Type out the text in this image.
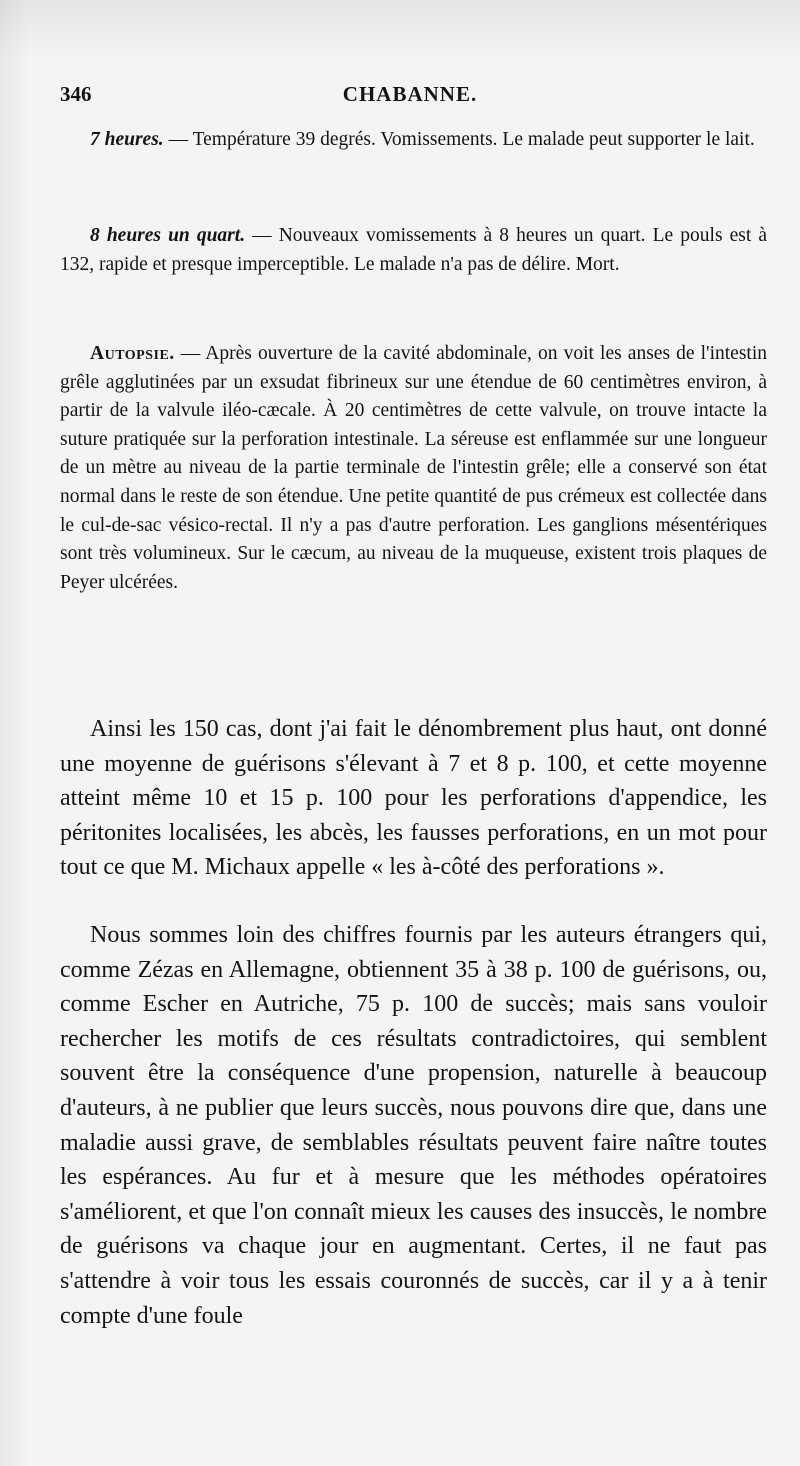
346	CHABANNE.

7 heures. — Température 39 degrés. Vomissements. Le malade peut supporter le lait.

8 heures un quart. — Nouveaux vomissements à 8 heures un quart. Le pouls est à 132, rapide et presque imperceptible. Le malade n'a pas de délire. Mort.

Autopsie. — Après ouverture de la cavité abdominale, on voit les anses de l'intestin grêle agglutinées par un exsudat fibrineux sur une étendue de 60 centimètres environ, à partir de la valvule iléo-cæcale. À 20 centimètres de cette valvule, on trouve intacte la suture pratiquée sur la perforation intestinale. La séreuse est enflammée sur une longueur de un mètre au niveau de la partie terminale de l'intestin grêle; elle a conservé son état normal dans le reste de son étendue. Une petite quantité de pus crémeux est collectée dans le cul-de-sac vésico-rectal. Il n'y a pas d'autre perforation. Les ganglions mésentériques sont très volumineux. Sur le cæcum, au niveau de la muqueuse, existent trois plaques de Peyer ulcérées.

Ainsi les 150 cas, dont j'ai fait le dénombrement plus haut, ont donné une moyenne de guérisons s'élevant à 7 et 8 p. 100, et cette moyenne atteint même 10 et 15 p. 100 pour les perforations d'appendice, les péritonites localisées, les abcès, les fausses perforations, en un mot pour tout ce que M. Michaux appelle « les à-côté des perforations ».

Nous sommes loin des chiffres fournis par les auteurs étrangers qui, comme Zézas en Allemagne, obtiennent 35 à 38 p. 100 de guérisons, ou, comme Escher en Autriche, 75 p. 100 de succès; mais sans vouloir rechercher les motifs de ces résultats contradictoires, qui semblent souvent être la conséquence d'une propension, naturelle à beaucoup d'auteurs, à ne publier que leurs succès, nous pouvons dire que, dans une maladie aussi grave, de semblables résultats peuvent faire naître toutes les espérances. Au fur et à mesure que les méthodes opératoires s'améliorent, et que l'on connaît mieux les causes des insuccès, le nombre de guérisons va chaque jour en augmentant. Certes, il ne faut pas s'attendre à voir tous les essais couronnés de succès, car il y a à tenir compte d'une foule
